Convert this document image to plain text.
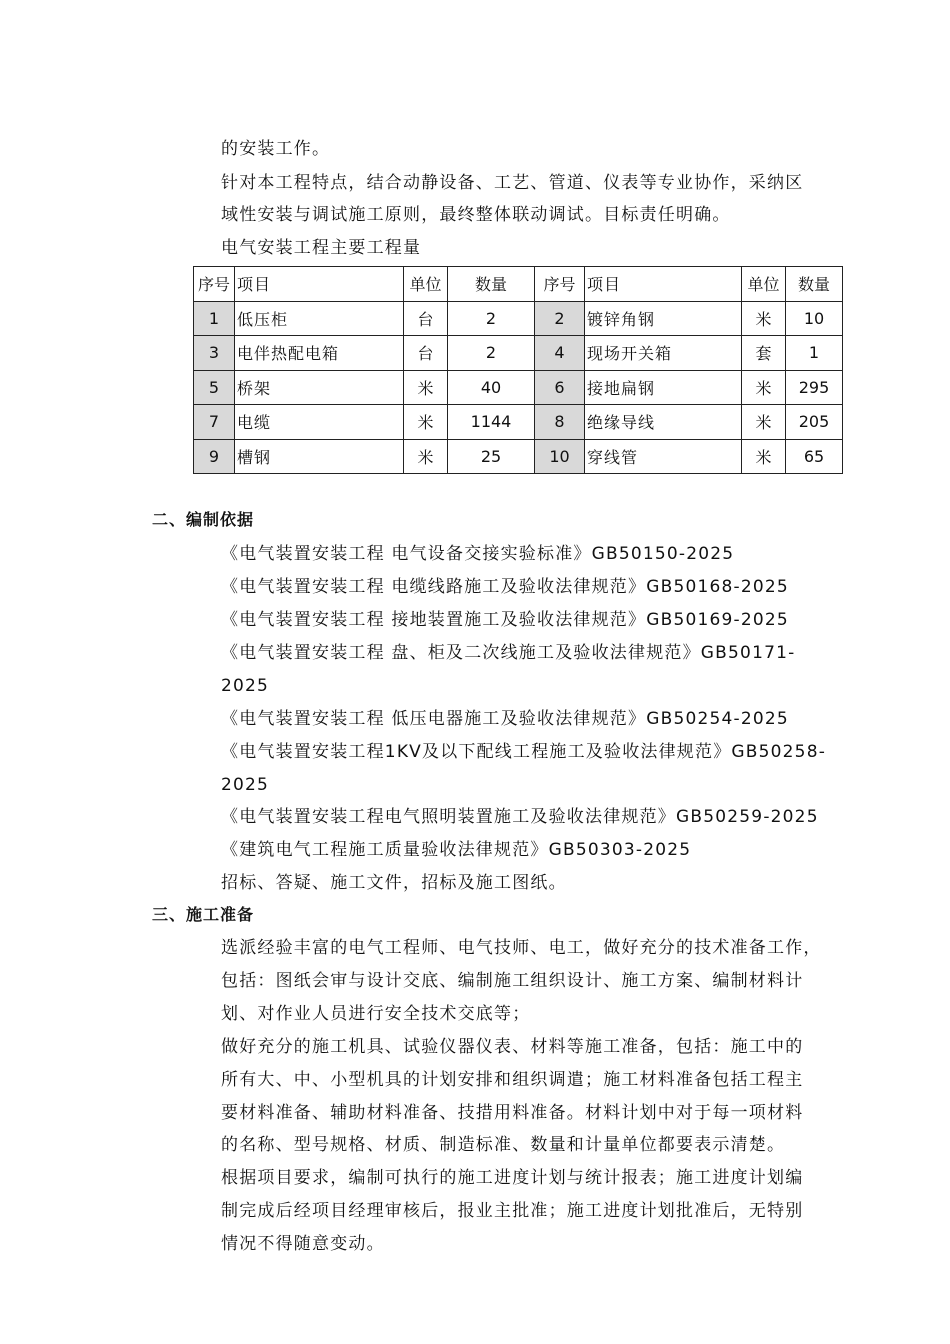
的安装工作。
针对本工程特点，结合动静设备、工艺、管道、仪表等专业协作，采纳区
域性安装与调试施工原则，最终整体联动调试。目标责任明确。
电气安装工程主要工程量
序号	项目	单位	数量	序号	项目	单位	数量
1	低压柜	台	2	2	镀锌角钢	米	10
3	电伴热配电箱	台	2	4	现场开关箱	套	1
5	桥架	米	40	6	接地扁钢	米	295
7	电缆	米	1144	8	绝缘导线	米	205
9	槽钢	米	25	10	穿线管	米	65
二、编制依据
《电气装置安装工程 电气设备交接实验标准》GB50150-2025
《电气装置安装工程 电缆线路施工及验收法律规范》GB50168-2025
《电气装置安装工程 接地装置施工及验收法律规范》GB50169-2025
《电气装置安装工程 盘、柜及二次线施工及验收法律规范》GB50171-
2025
《电气装置安装工程 低压电器施工及验收法律规范》GB50254-2025
《电气装置安装工程1KV及以下配线工程施工及验收法律规范》GB50258-
2025
《电气装置安装工程电气照明装置施工及验收法律规范》GB50259-2025
《建筑电气工程施工质量验收法律规范》GB50303-2025
招标、答疑、施工文件，招标及施工图纸。
三、施工准备
选派经验丰富的电气工程师、电气技师、电工，做好充分的技术准备工作，
包括：图纸会审与设计交底、编制施工组织设计、施工方案、编制材料计
划、对作业人员进行安全技术交底等；
做好充分的施工机具、试验仪器仪表、材料等施工准备，包括：施工中的
所有大、中、小型机具的计划安排和组织调遣；施工材料准备包括工程主
要材料准备、辅助材料准备、技措用料准备。材料计划中对于每一项材料
的名称、型号规格、材质、制造标准、数量和计量单位都要表示清楚。
根据项目要求，编制可执行的施工进度计划与统计报表；施工进度计划编
制完成后经项目经理审核后，报业主批准；施工进度计划批准后，无特别
情况不得随意变动。
